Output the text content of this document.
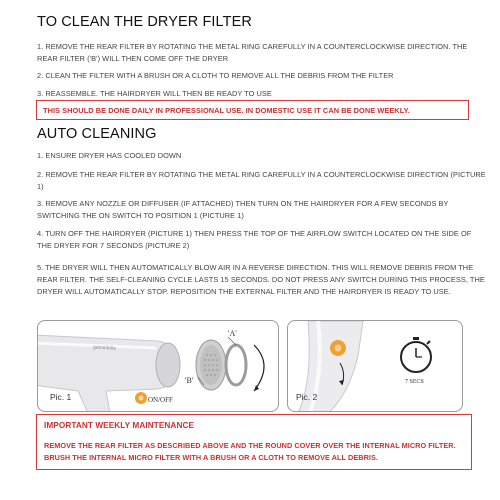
TO CLEAN THE DRYER FILTER
1. REMOVE THE REAR FILTER BY ROTATING THE METAL RING CAREFULLY IN A COUNTERCLOCKWISE DIRECTION. THE REAR FILTER ('B') WILL THEN COME OFF THE DRYER
2. CLEAN THE FILTER WITH A BRUSH OR A CLOTH TO REMOVE ALL THE DEBRIS FROM THE FILTER
3. REASSEMBLE. THE HAIRDRYER WILL THEN BE READY TO USE
THIS SHOULD BE DONE DAILY IN PROFESSIONAL USE. IN DOMESTIC USE IT CAN BE DONE WEEKLY.
AUTO CLEANING
1. ENSURE DRYER HAS COOLED DOWN
2. REMOVE THE REAR FILTER BY ROTATING THE METAL RING CAREFULLY IN A COUNTERCLOCKWISE DIRECTION (PICTURE 1)
3. REMOVE ANY NOZZLE OR DIFFUSER (IF ATTACHED) THEN TURN ON THE HAIRDRYER FOR A FEW SECONDS BY SWITCHING THE ON SWITCH TO POSITION 1 (PICTURE 1)
4. TURN OFF THE HAIRDRYER (PICTURE 1) THEN PRESS THE TOP OF THE AIRFLOW SWITCH LOCATED ON THE SIDE OF THE DRYER FOR 7 SECONDS (PICTURE 2)
5. THE DRYER WILL THEN AUTOMATICALLY BLOW AIR IN A REVERSE DIRECTION. THIS WILL REMOVE DEBRIS FROM THE REAR FILTER. THE SELF-CLEANING CYCLE LASTS 15 SECONDS. DO NOT PRESS ANY SWITCH DURING THIS PROCESS, THE DRYER WILL AUTOMATICALLY STOP. REPOSITION THE EXTERNAL FILTER AND THE HAIRDRYER IS READY TO USE.
gamaitalia
'A'
'B'
ON/OFF
Pic. 1
7 SECS
Pic. 2
IMPORTANT WEEKLY MAINTENANCE
REMOVE THE REAR FILTER AS DESCRIBED ABOVE AND THE ROUND COVER OVER THE INTERNAL MICRO FILTER. BRUSH THE INTERNAL MICRO FILTER WITH A BRUSH OR A CLOTH TO REMOVE ALL DEBRIS.
